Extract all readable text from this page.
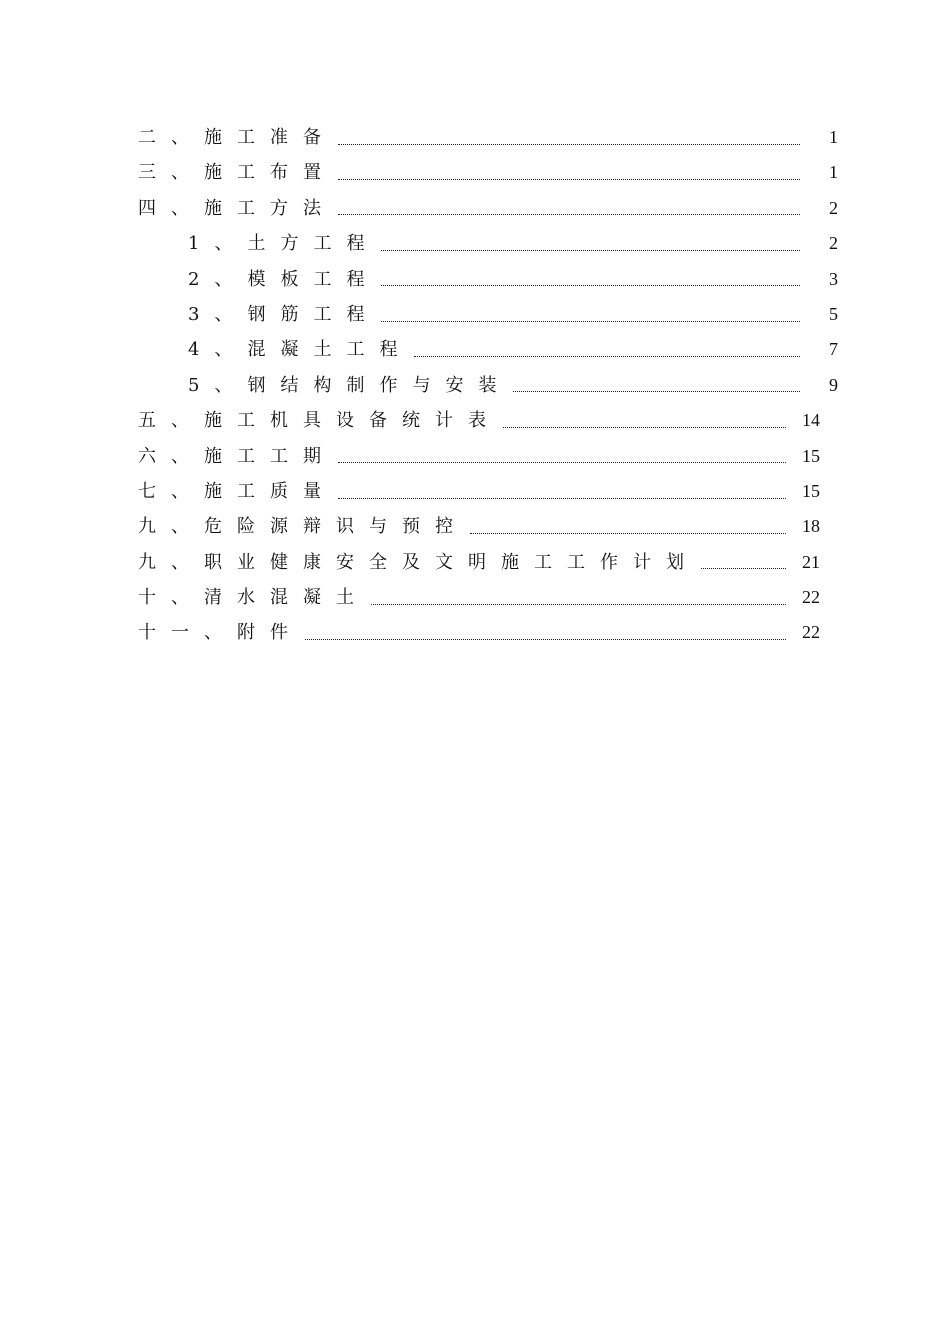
二、施工准备	1
三、施工布置	1
四、施工方法	2
1、土方工程	2
2、模板工程	3
3、钢筋工程	5
4、混凝土工程	7
5、钢结构制作与安装	9
五、施工机具设备统计表	14
六、施工工期	15
七、施工质量	15
九、危险源辩识与预控	18
九、职业健康安全及文明施工工作计划	21
十、清水混凝土	22
十一、附件	22
